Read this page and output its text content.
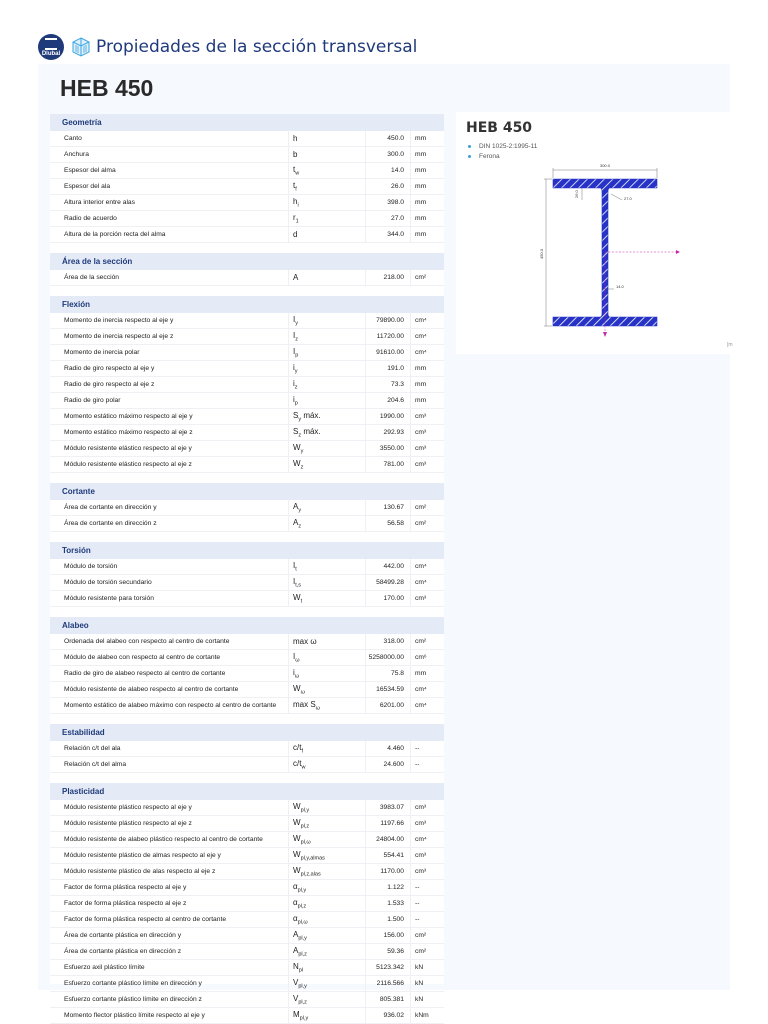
Dlubal Propiedades de la sección transversal
HEB 450
Geometría			
Canto	h	450.0	mm
Anchura	b	300.0	mm
Espesor del alma	$t_w$	14.0	mm
Espesor del ala	$t_f$	26.0	mm
Altura interior entre alas	$h_i$	398.0	mm
Radio de acuerdo	$r_1$	27.0	mm
Altura de la porción recta del alma	d	344.0	mm

Área de la sección			
Área de la sección	A	218.00	cm²

Flexión			
Momento de inercia respecto al eje y	$I_y$	79890.00	cm⁴
Momento de inercia respecto al eje z	$I_z$	11720.00	cm⁴
Momento de inercia polar	$I_p$	91610.00	cm⁴
Radio de giro respecto al eje y	$i_y$	191.0	mm
Radio de giro respecto al eje z	$i_z$	73.3	mm
Radio de giro polar	$i_p$	204.6	mm
Momento estático máximo respecto al eje y	$S_y$ máx.	1990.00	cm³
Momento estático máximo respecto al eje z	$S_z$ máx.	292.93	cm³
Módulo resistente elástico respecto al eje y	$W_y$	3550.00	cm³
Módulo resistente elástico respecto al eje z	$W_z$	781.00	cm³

Cortante			
Área de cortante en dirección y	$A_y$	130.67	cm²
Área de cortante en dirección z	$A_z$	56.58	cm²

Torsión			
Módulo de torsión	$I_t$	442.00	cm⁴
Módulo de torsión secundario	$I_{t,s}$	58499.28	cm⁴
Módulo resistente para torsión	$W_t$	170.00	cm³

Alabeo			
Ordenada del alabeo con respecto al centro de cortante	max ω	318.00	cm²
Módulo de alabeo con respecto al centro de cortante	$I_\omega$	5258000.00	cm⁶
Radio de giro de alabeo respecto al centro de cortante	$i_\omega$	75.8	mm
Módulo resistente de alabeo respecto al centro de cortante	$W_\omega$	16534.59	cm⁴
Momento estático de alabeo máximo con respecto al centro de cortante	$\max S_\omega$	6201.00	cm⁴

Estabilidad			
Relación c/t del ala	$c/t_f$	4.460	--
Relación c/t del alma	$c/t_w$	24.600	--

Plasticidad			
Módulo resistente plástico respecto al eje y	$W_{pl,y}$	3983.07	cm³
Módulo resistente plástico respecto al eje z	$W_{pl,z}$	1197.66	cm³
Módulo resistente de alabeo plástico respecto al centro de cortante	$W_{pl,\omega}$	24804.00	cm⁴
Módulo resistente plástico de almas respecto al eje y	$W_{pl,y,almas}$	554.41	cm³
Módulo resistente plástico de alas respecto al eje z	$W_{pl,z,alas}$	1170.00	cm³
Factor de forma plástica respecto al eje y	$\alpha_{pl,y}$	1.122	--
Factor de forma plástica respecto al eje z	$\alpha_{pl,z}$	1.533	--
Factor de forma plástica respecto al centro de cortante	$\alpha_{pl,\omega}$	1.500	--
Área de cortante plástica en dirección y	$A_{pl,y}$	156.00	cm²
Área de cortante plástica en dirección z	$A_{pl,z}$	59.36	cm²
Esfuerzo axil plástico límite	$N_{pl}$	5123.342	kN
Esfuerzo cortante plástico límite en dirección y	$V_{pl,y}$	2116.566	kN
Esfuerzo cortante plástico límite en dirección z	$V_{pl,z}$	805.381	kN
Momento flector plástico límite respecto al eje y	$M_{pl,y}$	936.02	kNm
HEB 450
DIN 1025-2:1995-11
Ferona
300.0
450.0
26.0
27.0
14.0
[m
